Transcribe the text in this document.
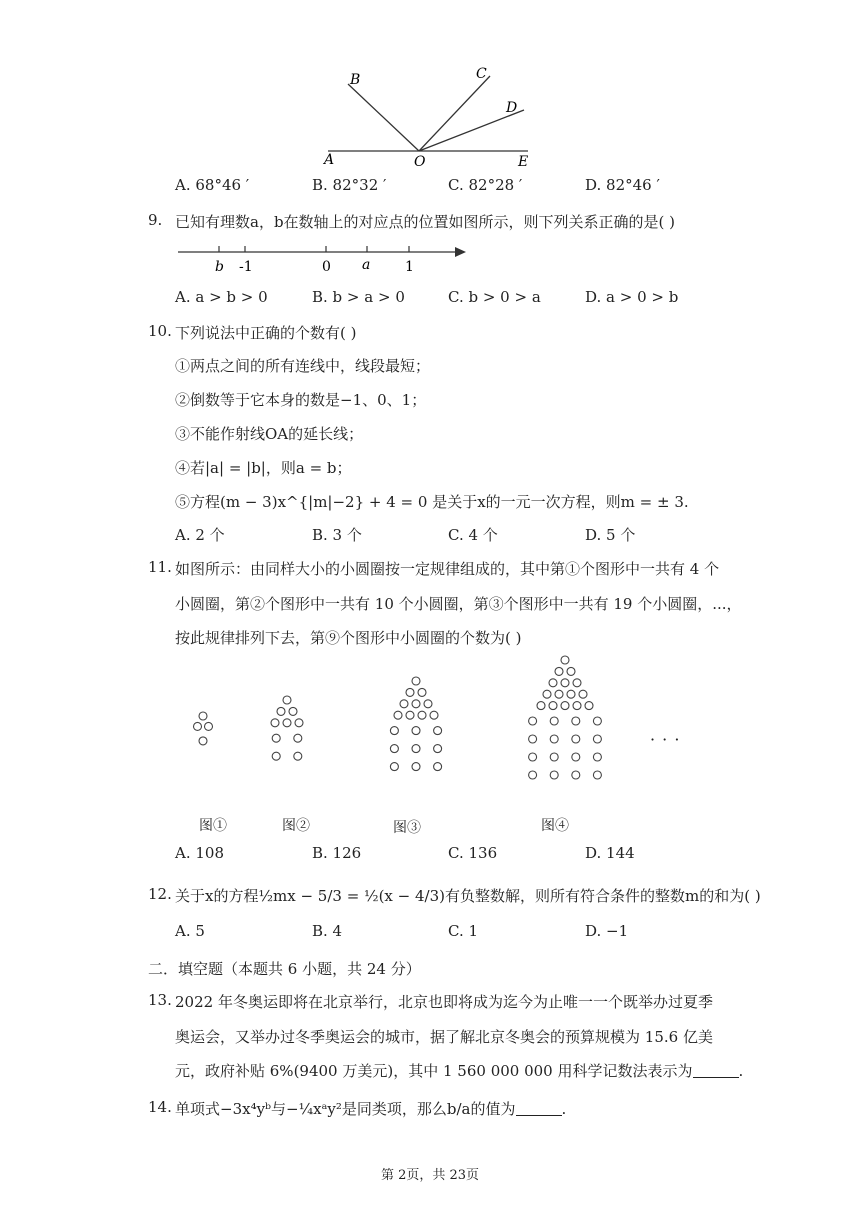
B	C
D
A	O	E
A. 68°46 ′	B. 82°32 ′	C. 82°28 ′	D. 82°46 ′
9. 已知有理数a，b在数轴上的对应点的位置如图所示，则下列关系正确的是( )
b -1	0 a 1
A. a > b > 0	B. b > a > 0	C. b > 0 > a	D. a > 0 > b
10. 下列说法中正确的个数有( )
①两点之间的所有连线中，线段最短；
②倒数等于它本身的数是−1、0、1；
③不能作射线OA的延长线；
④若|a| = |b|，则a = b；
⑤方程(m − 3)x^{|m|−2} + 4 = 0 是关于x的一元一次方程，则m = ± 3.
A. 2 个	B. 3 个	C. 4 个	D. 5 个
11. 如图所示：由同样大小的小圆圈按一定规律组成的，其中第①个图形中一共有 4 个
小圆圈，第②个图形中一共有 10 个小圆圈，第③个图形中一共有 19 个小圆圈，...，
按此规律排列下去，第⑨个图形中小圆圈的个数为( )
· · ·
图①	图②	图③	图④
A. 108	B. 126	C. 136	D. 144
12. 关于x的方程½mx − 5/3 = ½(x − 4/3)有负整数解，则所有符合条件的整数m的和为( )
A. 5	B. 4	C. 1	D. −1
二．填空题（本题共 6 小题，共 24 分）
13. 2022 年冬奥运即将在北京举行，北京也即将成为迄今为止唯一一个既举办过夏季
奥运会，又举办过冬季奥运会的城市，据了解北京冬奥会的预算规模为 15.6 亿美
元，政府补贴 6%(9400 万美元)，其中 1 560 000 000 用科学记数法表示为	.
14. 单项式−3x⁴yᵇ与−¼xᵃy²是同类项，那么b/a的值为	.
第 2页，共 23页
